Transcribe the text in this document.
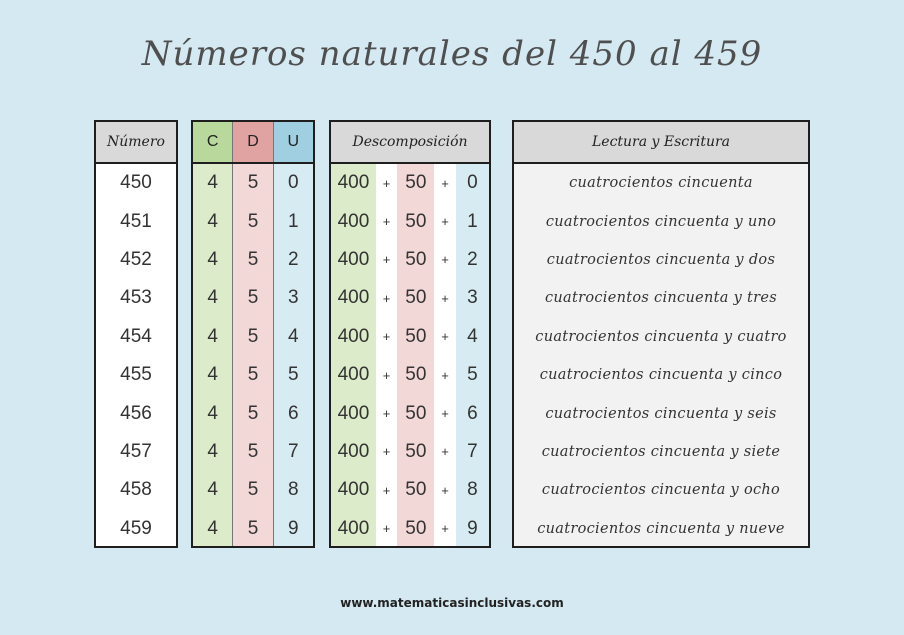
Números naturales del 450 al 459
Número
450
451
452
453
454
455
456
457
458
459
C	D	U
4
4
4
4
4
4
4
4
4
4
5
5
5
5
5
5
5
5
5
5
0
1
2
3
4
5
6
7
8
9
Descomposición
400
400
400
400
400
400
400
400
400
400
+
+
+
+
+
+
+
+
+
+
50
50
50
50
50
50
50
50
50
50
+
+
+
+
+
+
+
+
+
+
0
1
2
3
4
5
6
7
8
9
Lectura y Escritura
cuatrocientos cincuenta
cuatrocientos cincuenta y uno
cuatrocientos cincuenta y dos
cuatrocientos cincuenta y tres
cuatrocientos cincuenta y cuatro
cuatrocientos cincuenta y cinco
cuatrocientos cincuenta y seis
cuatrocientos cincuenta y siete
cuatrocientos cincuenta y ocho
cuatrocientos cincuenta y nueve
www.matematicasinclusivas.com
